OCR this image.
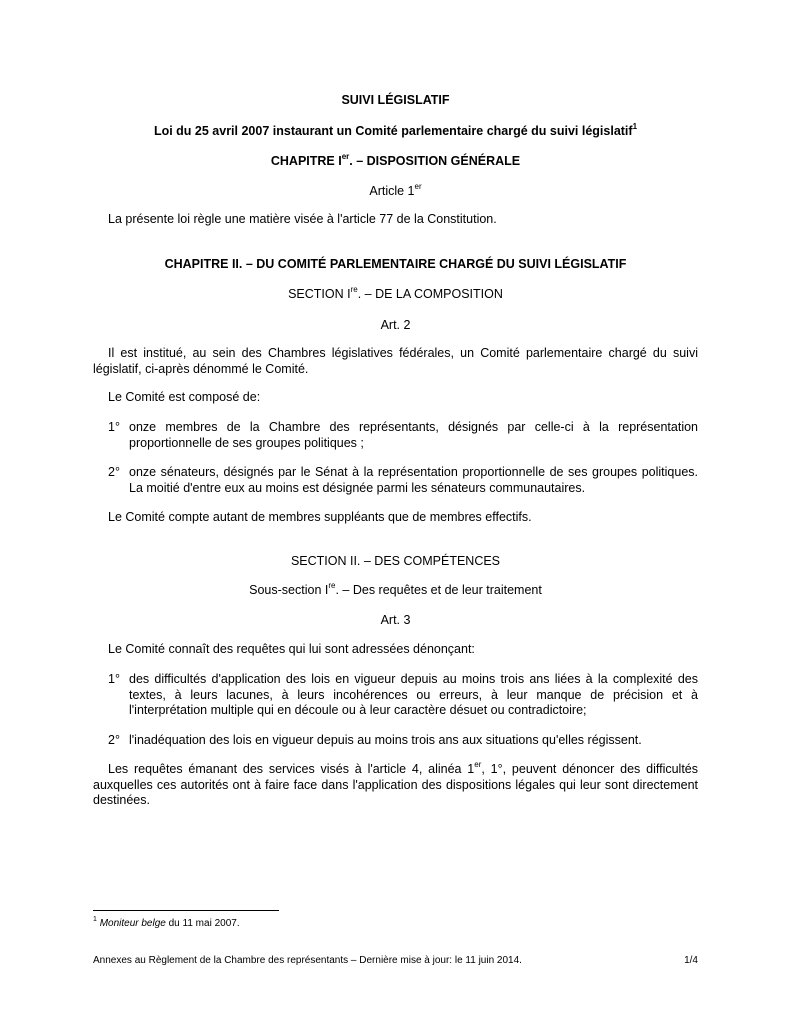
SUIVI LÉGISLATIF
Loi du 25 avril 2007 instaurant un Comité parlementaire chargé du suivi législatif$^1$
CHAPITRE Ier. – DISPOSITION GÉNÉRALE
Article 1er
La présente loi règle une matière visée à l'article 77 de la Constitution.
CHAPITRE II. – DU COMITÉ PARLEMENTAIRE CHARGÉ DU SUIVI LÉGISLATIF
SECTION Ire. – DE LA COMPOSITION
Art. 2
Il est institué, au sein des Chambres législatives fédérales, un Comité parlementaire chargé du suivi législatif, ci-après dénommé le Comité.
Le Comité est composé de:
1° onze membres de la Chambre des représentants, désignés par celle-ci à la représentation proportionnelle de ses groupes politiques ;
2° onze sénateurs, désignés par le Sénat à la représentation proportionnelle de ses groupes politiques. La moitié d'entre eux au moins est désignée parmi les sénateurs communautaires.
Le Comité compte autant de membres suppléants que de membres effectifs.
SECTION II. – DES COMPÉTENCES
Sous-section Ire. – Des requêtes et de leur traitement
Art. 3
Le Comité connaît des requêtes qui lui sont adressées dénonçant:
1° des difficultés d'application des lois en vigueur depuis au moins trois ans liées à la complexité des textes, à leurs lacunes, à leurs incohérences ou erreurs, à leur manque de précision et à l'interprétation multiple qui en découle ou à leur caractère désuet ou contradictoire;
2° l'inadéquation des lois en vigueur depuis au moins trois ans aux situations qu'elles régissent.
Les requêtes émanant des services visés à l'article 4, alinéa 1er, 1°, peuvent dénoncer des difficultés auxquelles ces autorités ont à faire face dans l'application des dispositions légales qui leur sont directement destinées.
$^1$ Moniteur belge du 11 mai 2007.
Annexes au Règlement de la Chambre des représentants – Dernière mise à jour: le 11 juin 2014.	1/4
